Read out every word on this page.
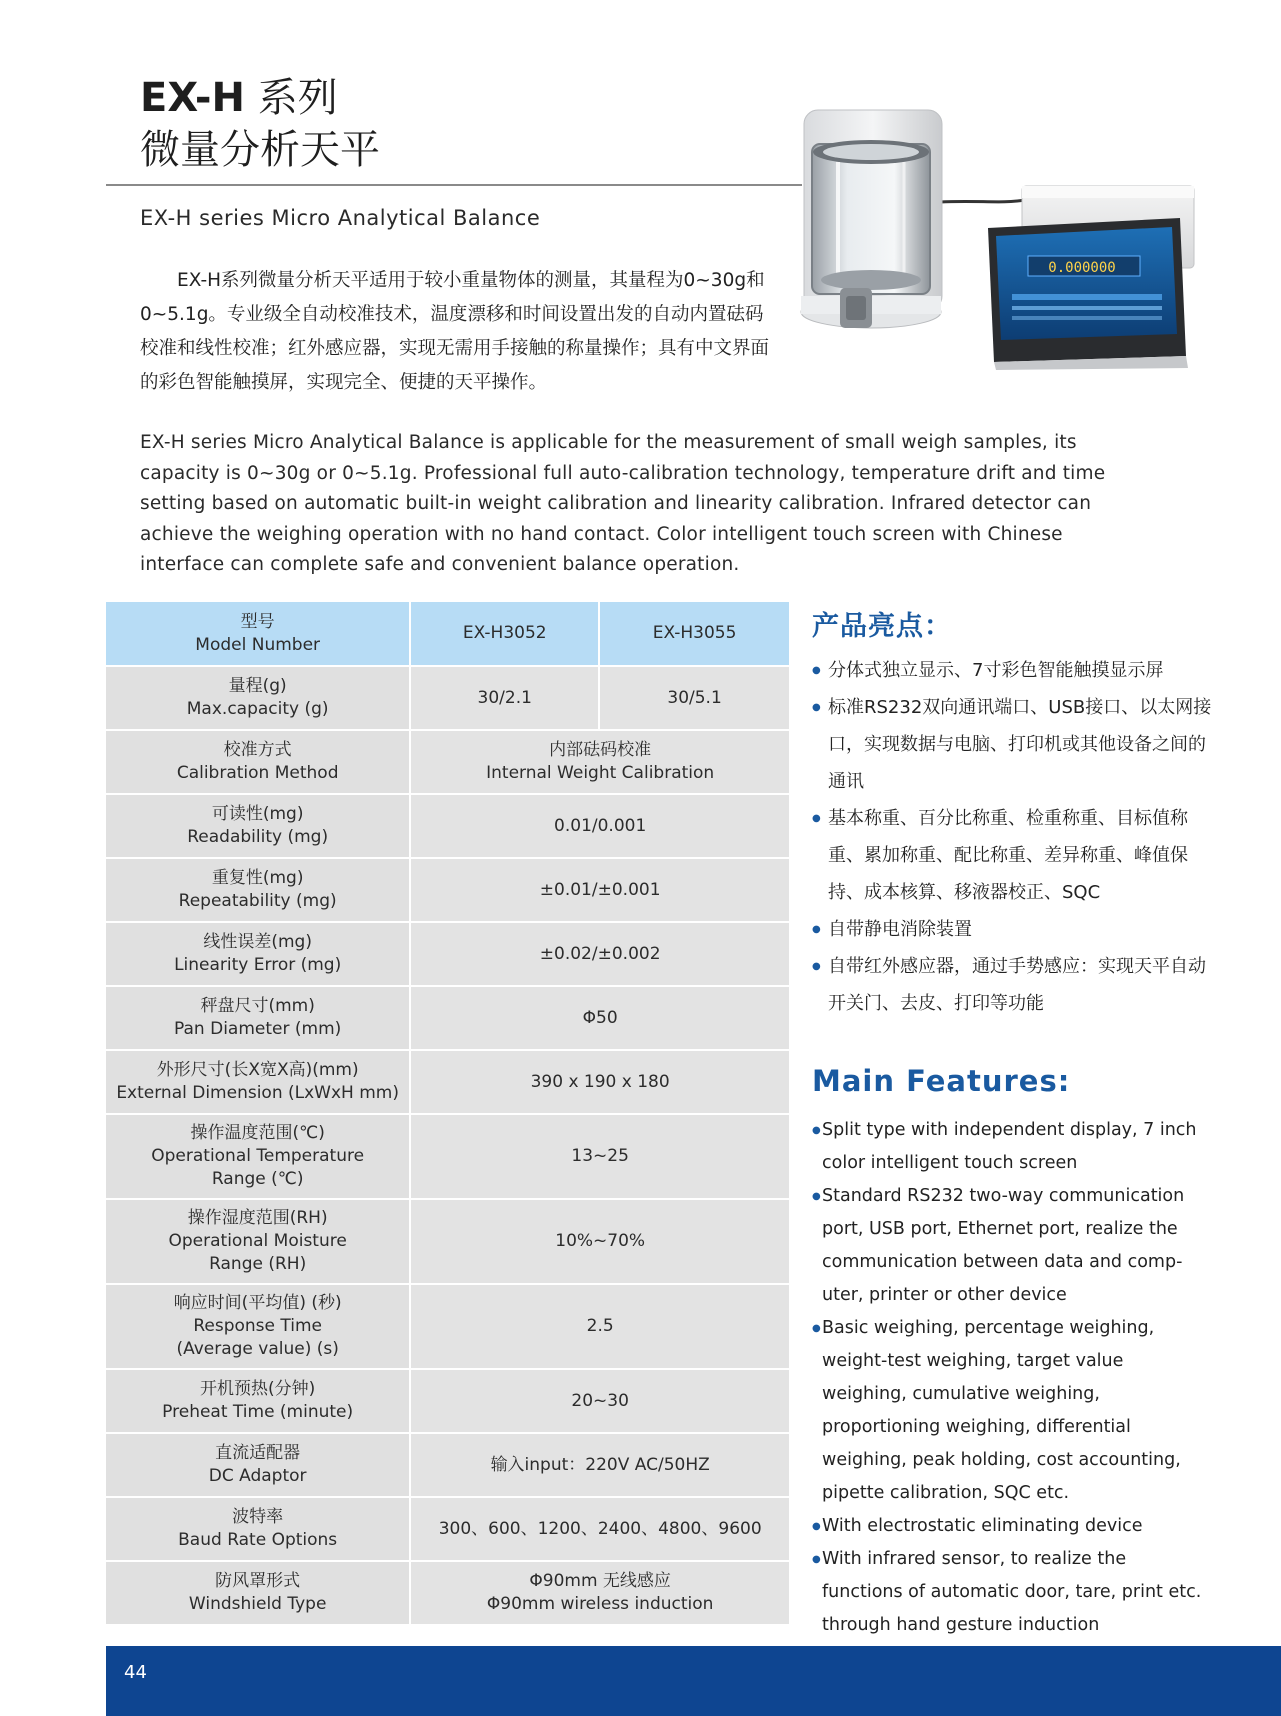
EX-H 系列
微量分析天平
EX-H series Micro Analytical Balance

　　EX-H系列微量分析天平适用于较小重量物体的测量，其量程为0~30g和0~5.1g。专业级全自动校准技术，温度漂移和时间设置出发的自动内置砝码校准和线性校准；红外感应器，实现无需用手接触的称量操作；具有中文界面的彩色智能触摸屏，实现完全、便捷的天平操作。

EX-H series Micro Analytical Balance is applicable for the measurement of small weigh samples, its capacity is 0~30g or 0~5.1g. Professional full auto-calibration technology, temperature drift and time setting based on automatic built-in weight calibration and linearity calibration. Infrared detector can achieve the weighing operation with no hand contact. Color intelligent touch screen with Chinese interface can complete safe and convenient balance operation.

0.000000
EX-H
型号
Model Number	EX-H3052	EX-H3055
量程(g)
Max.capacity (g)	30/2.1	30/5.1
校准方式
Calibration Method	内部砝码校准
Internal Weight Calibration	
可读性(mg)
Readability (mg)	0.01/0.001	
重复性(mg)
Repeatability (mg)	±0.01/±0.001	
线性误差(mg)
Linearity Error (mg)	±0.02/±0.002	
秤盘尺寸(mm)
Pan Diameter (mm)	Φ50	
外形尺寸(长X宽X高)(mm)
External Dimension (LxWxH mm)	390 x 190 x 180	
操作温度范围(℃)
Operational Temperature
Range (℃)	13~25	
操作湿度范围(RH)
Operational Moisture
Range (RH)	10%~70%	
响应时间(平均值) (秒)
Response Time
(Average value) (s)	2.5	
开机预热(分钟)
Preheat Time (minute)	20~30	
直流适配器
DC Adaptor	输入input：220V AC/50HZ	
波特率
Baud Rate Options	300、600、1200、2400、4800、9600	
防风罩形式
Windshield Type	Φ90mm 无线感应
Φ90mm wireless induction	
产品亮点：
● 分体式独立显示、7寸彩色智能触摸显示屏
● 标准RS232双向通讯端口、USB接口、以太网接口，实现数据与电脑、打印机或其他设备之间的通讯
● 基本称重、百分比称重、检重称重、目标值称重、累加称重、配比称重、差异称重、峰值保持、成本核算、移液器校正、SQC
● 自带静电消除装置
● 自带红外感应器，通过手势感应：实现天平自动开关门、去皮、打印等功能
Main Features:
● Split type with independent display, 7 inch color intelligent touch screen
● Standard RS232 two-way communication port, USB port, Ethernet port, realize the communication between data and comp-uter, printer or other device
● Basic weighing, percentage weighing, weight-test weighing, target value weighing, cumulative weighing, proportioning weighing, differential weighing, peak holding, cost accounting, pipette calibration, SQC etc.
● With electrostatic eliminating device
● With infrared sensor, to realize the functions of automatic door, tare, print etc. through hand gesture induction
44
